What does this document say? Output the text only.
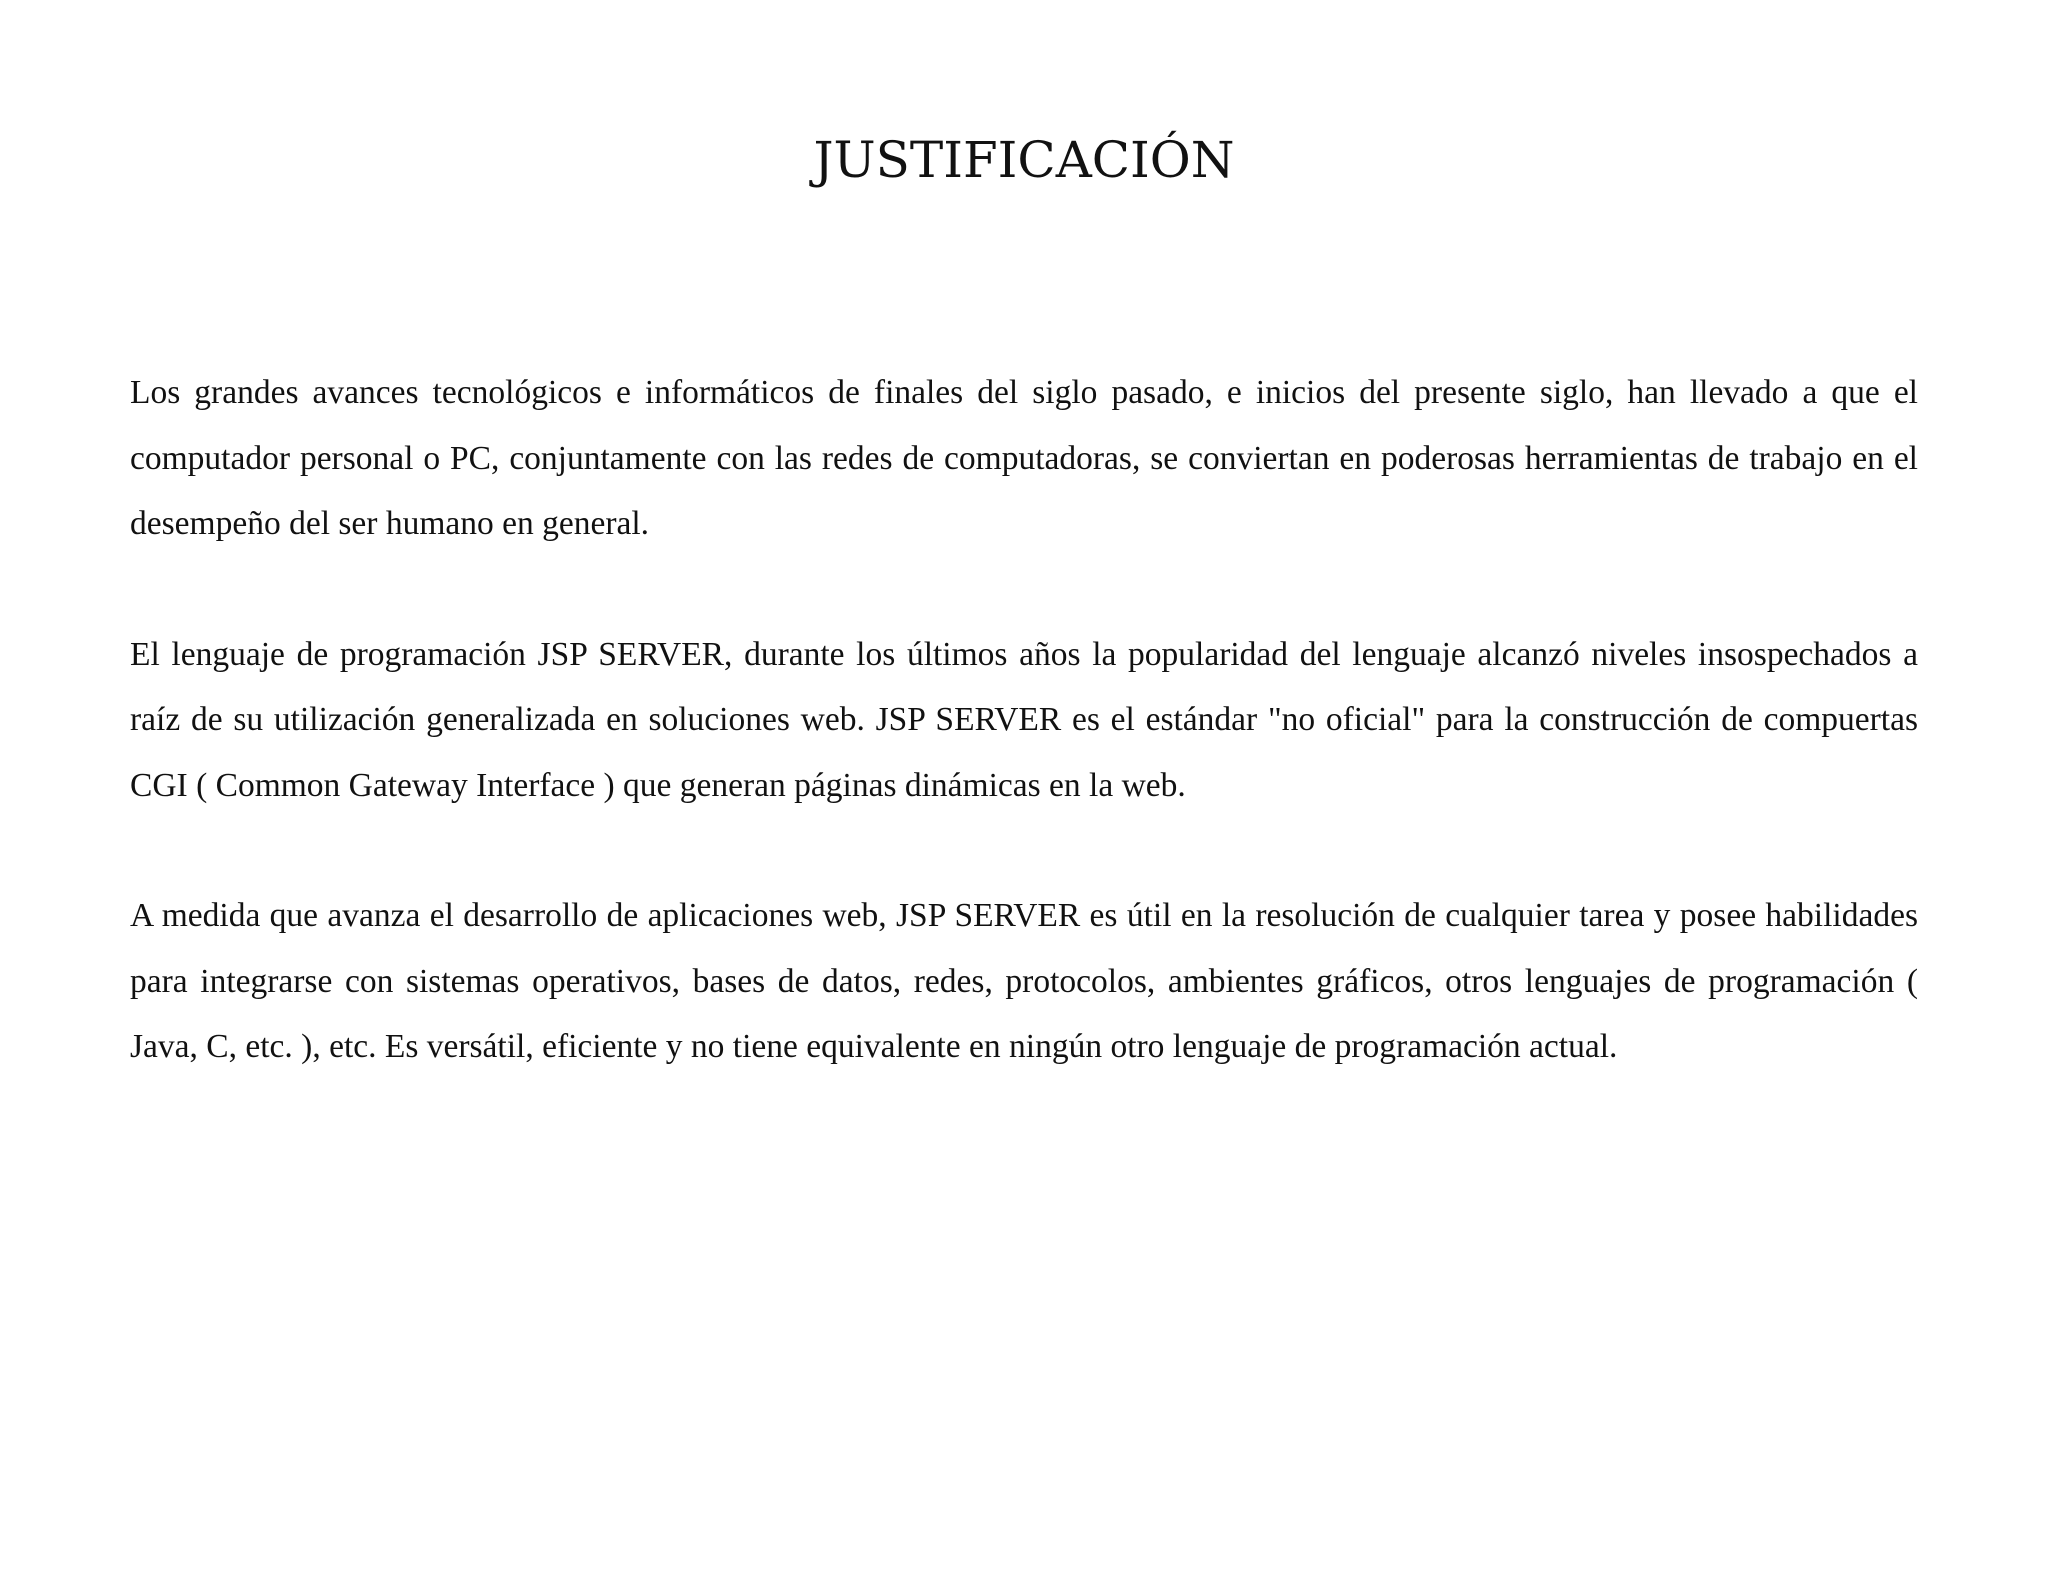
JUSTIFICACIÓN

Los grandes avances tecnológicos e informáticos de finales del siglo pasado, e inicios del presente siglo, han llevado a que el computador personal o PC, conjuntamente con las redes de computadoras, se conviertan en poderosas herramientas de trabajo en el desempeño del ser humano en general.

El lenguaje de programación JSP SERVER, durante los últimos años la popularidad del lenguaje alcanzó niveles insospechados a raíz de su utilización generalizada en soluciones web. JSP SERVER es el estándar "no oficial" para la construcción de compuertas CGI ( Common Gateway Interface ) que generan páginas dinámicas en la web.

A medida que avanza el desarrollo de aplicaciones web, JSP SERVER es útil en la resolución de cualquier tarea y posee habilidades para integrarse con sistemas operativos, bases de datos, redes, protocolos, ambientes gráficos, otros lenguajes de programación ( Java, C, etc. ), etc. Es versátil, eficiente y no tiene equivalente en ningún otro lenguaje de programación actual.
